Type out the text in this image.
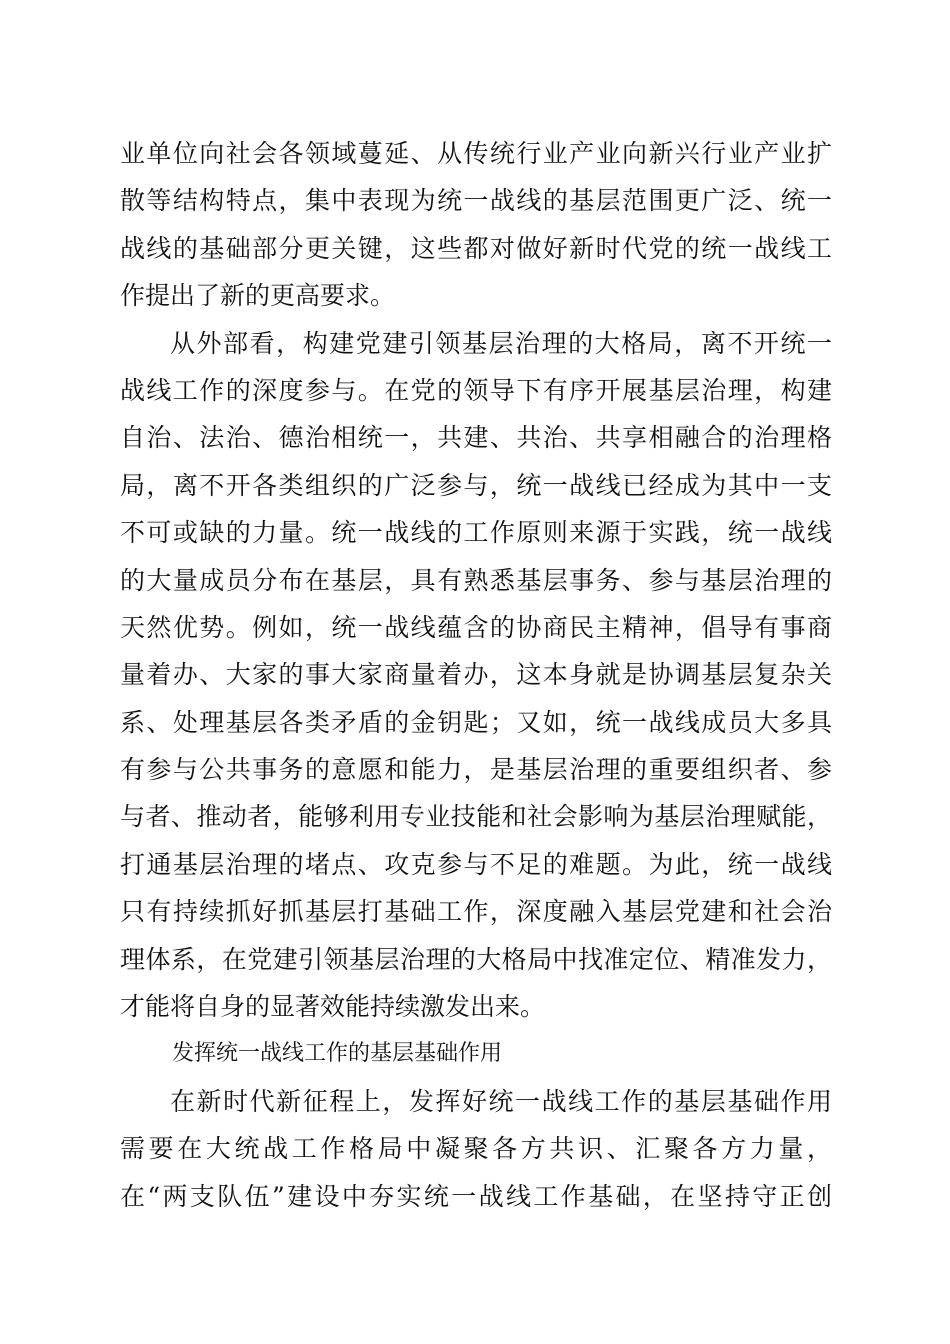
业单位向社会各领域蔓延、从传统行业产业向新兴行业产业扩
散等结构特点，集中表现为统一战线的基层范围更广泛、统一
战线的基础部分更关键，这些都对做好新时代党的统一战线工
作提出了新的更高要求。
从外部看，构建党建引领基层治理的大格局，离不开统一
战线工作的深度参与。在党的领导下有序开展基层治理，构建
自治、法治、德治相统一，共建、共治、共享相融合的治理格
局，离不开各类组织的广泛参与，统一战线已经成为其中一支
不可或缺的力量。统一战线的工作原则来源于实践，统一战线
的大量成员分布在基层，具有熟悉基层事务、参与基层治理的
天然优势。例如，统一战线蕴含的协商民主精神，倡导有事商
量着办、大家的事大家商量着办，这本身就是协调基层复杂关
系、处理基层各类矛盾的金钥匙；又如，统一战线成员大多具
有参与公共事务的意愿和能力，是基层治理的重要组织者、参
与者、推动者，能够利用专业技能和社会影响为基层治理赋能，
打通基层治理的堵点、攻克参与不足的难题。为此，统一战线
只有持续抓好抓基层打基础工作，深度融入基层党建和社会治
理体系，在党建引领基层治理的大格局中找准定位、精准发力，
才能将自身的显著效能持续激发出来。
发挥统一战线工作的基层基础作用
在新时代新征程上，发挥好统一战线工作的基层基础作用
需要在大统战工作格局中凝聚各方共识、汇聚各方力量，
在“两支队伍”建设中夯实统一战线工作基础，在坚持守正创
